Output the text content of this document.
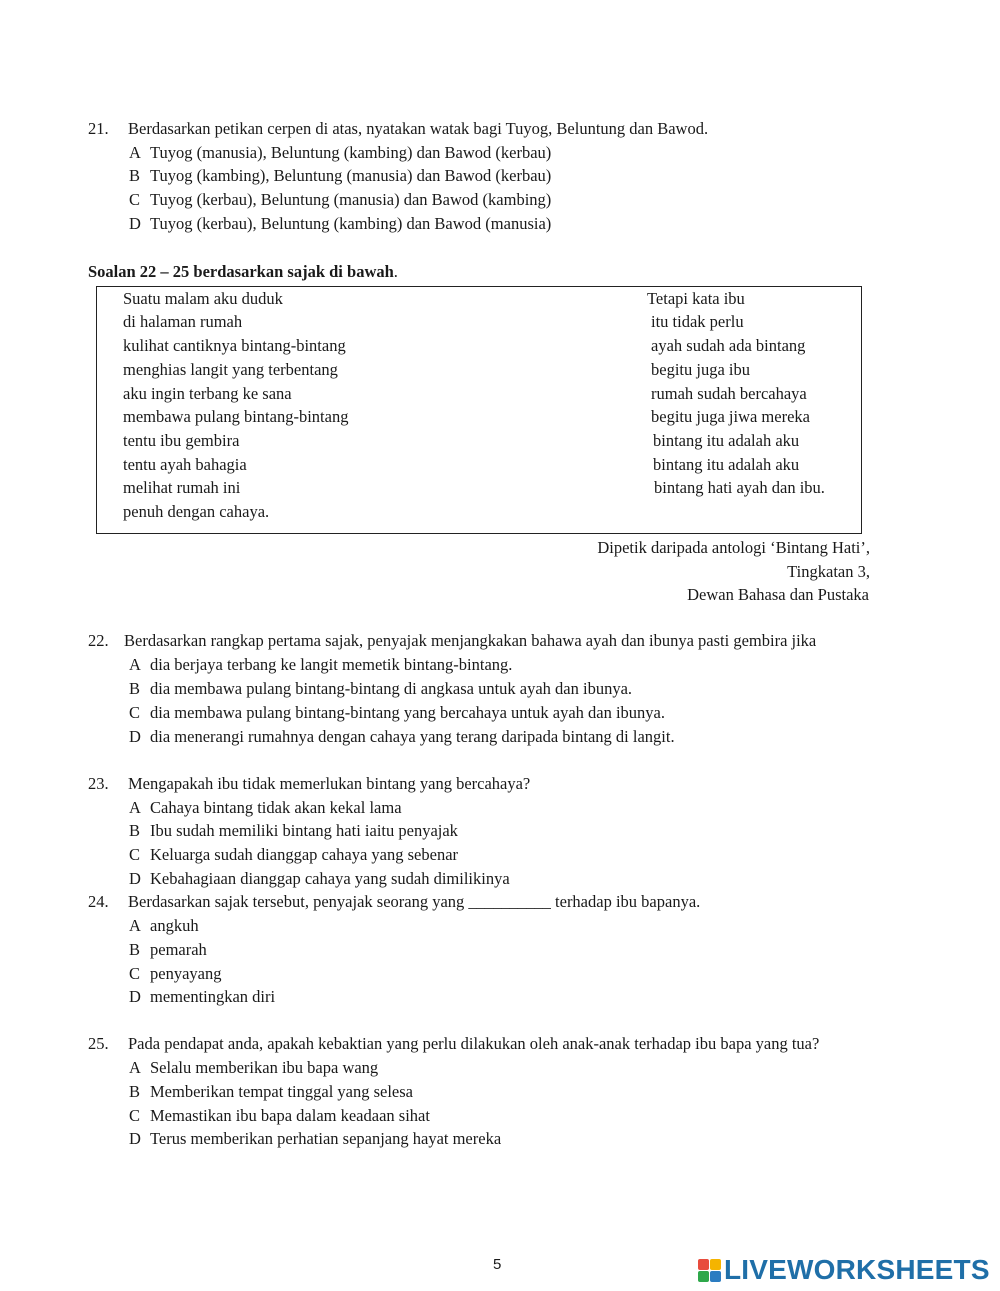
21. Berdasarkan petikan cerpen di atas, nyatakan watak bagi Tuyog, Beluntung dan Bawod.
A Tuyog (manusia), Beluntung (kambing) dan Bawod (kerbau)
B Tuyog (kambing), Beluntung (manusia) dan Bawod (kerbau)
C Tuyog (kerbau), Beluntung (manusia) dan Bawod (kambing)
D Tuyog (kerbau), Beluntung (kambing) dan Bawod (manusia)
Soalan 22 – 25 berdasarkan sajak di bawah.
Suatu malam aku duduk
di halaman rumah
kulihat cantiknya bintang-bintang
menghias langit yang terbentang
aku ingin terbang ke sana
membawa pulang bintang-bintang
tentu ibu gembira
tentu ayah bahagia
melihat rumah ini
penuh dengan cahaya.
Tetapi kata ibu
itu tidak perlu
ayah sudah ada bintang
begitu juga ibu
rumah sudah bercahaya
begitu juga jiwa mereka
bintang itu adalah aku
bintang itu adalah aku
bintang hati ayah dan ibu.
Dipetik daripada antologi ‘Bintang Hati’,
Tingkatan 3,
Dewan Bahasa dan Pustaka
22. Berdasarkan rangkap pertama sajak, penyajak menjangkakan bahawa ayah dan ibunya pasti gembira jika
A dia berjaya terbang ke langit memetik bintang-bintang.
B dia membawa pulang bintang-bintang di angkasa untuk ayah dan ibunya.
C dia membawa pulang bintang-bintang yang bercahaya untuk ayah dan ibunya.
D dia menerangi rumahnya dengan cahaya yang terang daripada bintang di langit.
23. Mengapakah ibu tidak memerlukan bintang yang bercahaya?
A Cahaya bintang tidak akan kekal lama
B Ibu sudah memiliki bintang hati iaitu penyajak
C Keluarga sudah dianggap cahaya yang sebenar
D Kebahagiaan dianggap cahaya yang sudah dimilikinya
24. Berdasarkan sajak tersebut, penyajak seorang yang __________ terhadap ibu bapanya.
A angkuh
B pemarah
C penyayang
D mementingkan diri
25. Pada pendapat anda, apakah kebaktian yang perlu dilakukan oleh anak-anak terhadap ibu bapa yang tua?
A Selalu memberikan ibu bapa wang
B Memberikan tempat tinggal yang selesa
C Memastikan ibu bapa dalam keadaan sihat
D Terus memberikan perhatian sepanjang hayat mereka
5	LIVEWORKSHEETS
